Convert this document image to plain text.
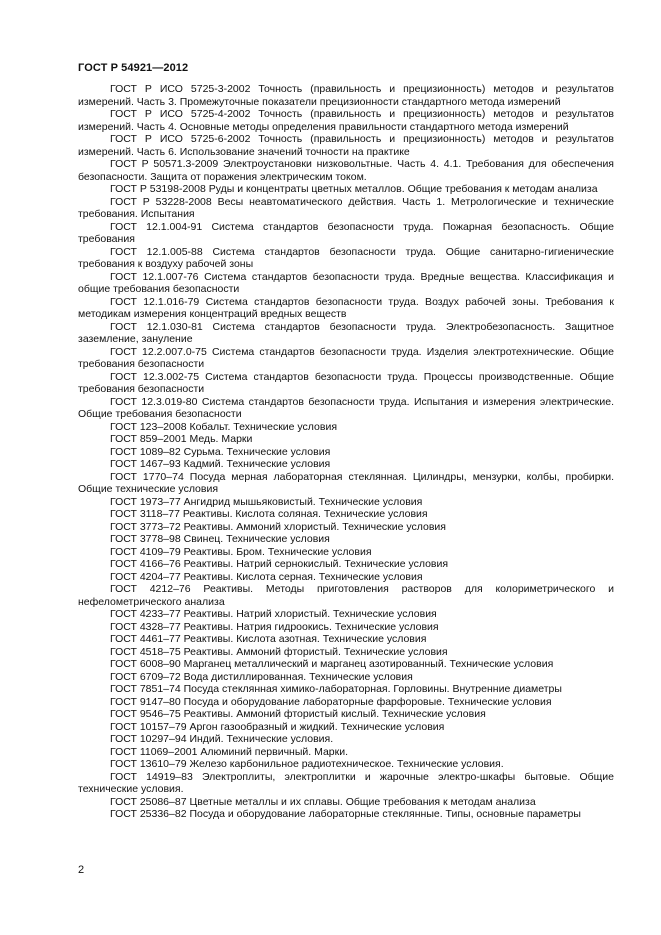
ГОСТ Р 54921—2012

ГОСТ Р ИСО 5725-3-2002 Точность (правильность и прецизионность) методов и результатов измерений. Часть 3. Промежуточные показатели прецизионности стандартного метода измерений

ГОСТ Р ИСО 5725-4-2002 Точность (правильность и прецизионность) методов и результатов измерений. Часть 4. Основные методы определения правильности стандартного метода измерений

ГОСТ Р ИСО 5725-6-2002 Точность (правильность и прецизионность) методов и результатов измерений. Часть 6. Использование значений точности на практике

ГОСТ Р 50571.3-2009 Электроустановки низковольтные. Часть 4. 4.1. Требования для обеспечения безопасности. Защита от поражения электрическим током.

ГОСТ Р 53198-2008 Руды и концентраты цветных металлов. Общие требования к методам анализа

ГОСТ Р 53228-2008 Весы неавтоматического действия. Часть 1. Метрологические и технические требования. Испытания

ГОСТ 12.1.004-91 Система стандартов безопасности труда. Пожарная безопасность. Общие требования

ГОСТ 12.1.005-88 Система стандартов безопасности труда. Общие санитарно-гигиенические требования к воздуху рабочей зоны

ГОСТ 12.1.007-76 Система стандартов безопасности труда. Вредные вещества. Классификация и общие требования безопасности

ГОСТ 12.1.016-79 Система стандартов безопасности труда. Воздух рабочей зоны. Требования к методикам измерения концентраций вредных веществ

ГОСТ 12.1.030-81 Система стандартов безопасности труда. Электробезопасность. Защитное заземление, зануление

ГОСТ 12.2.007.0-75 Система стандартов безопасности труда. Изделия электротехнические. Общие требования безопасности

ГОСТ 12.3.002-75 Система стандартов безопасности труда. Процессы производственные. Общие требования безопасности

ГОСТ 12.3.019-80 Система стандартов безопасности труда. Испытания и измерения электрические. Общие требования безопасности

ГОСТ 123–2008 Кобальт. Технические условия

ГОСТ 859–2001 Медь. Марки

ГОСТ 1089–82 Сурьма. Технические условия

ГОСТ 1467–93 Кадмий. Технические условия

ГОСТ 1770–74 Посуда мерная лабораторная стеклянная. Цилиндры, мензурки, колбы, пробирки. Общие технические условия

ГОСТ 1973–77 Ангидрид мышьяковистый. Технические условия

ГОСТ 3118–77 Реактивы. Кислота соляная. Технические условия

ГОСТ 3773–72 Реактивы. Аммоний хлористый. Технические условия

ГОСТ 3778–98 Свинец. Технические условия

ГОСТ 4109–79 Реактивы. Бром. Технические условия

ГОСТ 4166–76 Реактивы. Натрий сернокислый. Технические условия

ГОСТ 4204–77 Реактивы. Кислота серная. Технические условия

ГОСТ 4212–76 Реактивы. Методы приготовления растворов для колориметрического и нефелометрического анализа

ГОСТ 4233–77 Реактивы. Натрий хлористый. Технические условия

ГОСТ 4328–77 Реактивы. Натрия гидроокись. Технические условия

ГОСТ 4461–77 Реактивы. Кислота азотная. Технические условия

ГОСТ 4518–75 Реактивы. Аммоний фтористый. Технические условия

ГОСТ 6008–90 Марганец металлический и марганец азотированный. Технические условия

ГОСТ 6709–72 Вода дистиллированная. Технические условия

ГОСТ 7851–74 Посуда стеклянная химико-лабораторная. Горловины. Внутренние диаметры

ГОСТ 9147–80 Посуда и оборудование лабораторные фарфоровые. Технические условия

ГОСТ 9546–75 Реактивы. Аммоний фтористый кислый. Технические условия

ГОСТ 10157–79 Аргон газообразный и жидкий. Технические условия

ГОСТ 10297–94 Индий. Технические условия.

ГОСТ 11069–2001 Алюминий первичный. Марки.

ГОСТ 13610–79 Железо карбонильное радиотехническое. Технические условия.

ГОСТ 14919–83 Электроплиты, электроплитки и жарочные электро-шкафы бытовые. Общие технические условия.

ГОСТ 25086–87 Цветные металлы и их сплавы. Общие требования к методам анализа

ГОСТ 25336–82 Посуда и оборудование лабораторные стеклянные. Типы, основные параметры

2
